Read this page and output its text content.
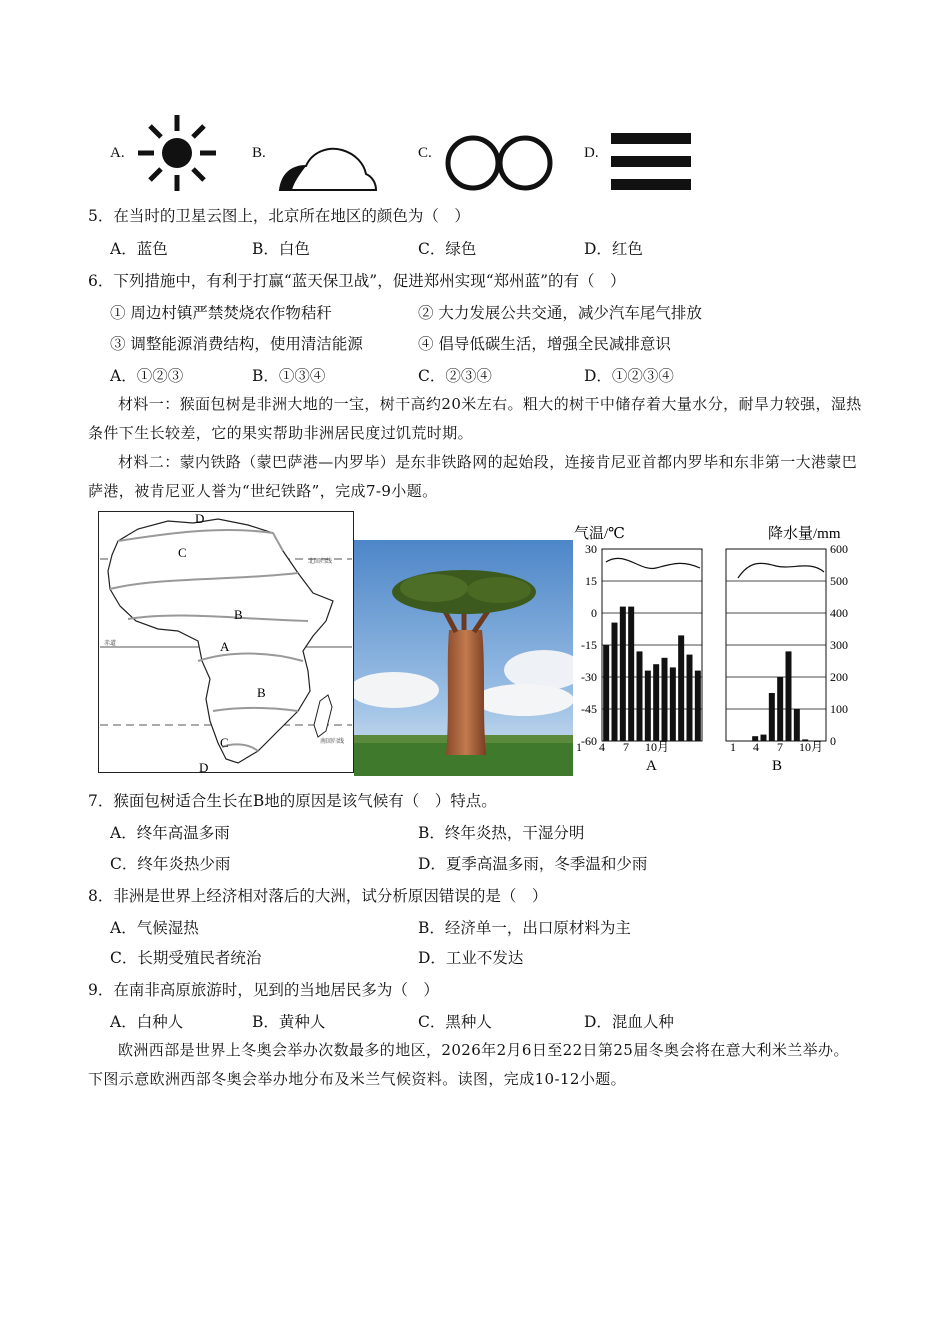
A.	B.	C.	D.
5．在当时的卫星云图上，北京所在地区的颜色为（　）
A．蓝色	B．白色	C．绿色	D．红色
6．下列措施中，有利于打赢“蓝天保卫战”，促进郑州实现“郑州蓝”的有（　）
① 周边村镇严禁焚烧农作物秸秆	② 大力发展公共交通，减少汽车尾气排放
③ 调整能源消费结构，使用清洁能源	④ 倡导低碳生活，增强全民减排意识
A．①②③	B．①③④	C．②③④	D．①②③④
材料一：猴面包树是非洲大地的一宝，树干高约20米左右。粗大的树干中储存着大量水分，耐旱力较强，湿热条件下生长较差，它的果实帮助非洲居民度过饥荒时期。
材料二：蒙内铁路（蒙巴萨港—内罗毕）是东非铁路网的起始段，连接肯尼亚首都内罗毕和东非第一大港蒙巴萨港，被肯尼亚人誉为“世纪铁路”，完成7-9小题。
D
C
B
A
B
C
D
北回归线
赤道
南回归线
气温/℃
30
15
0
-15
-30
-45
-60
1 4 7 10月
A
降水量/mm
600
500
400
300
200
100
0
1 4 7 10月
B
7．猴面包树适合生长在B地的原因是该气候有（　）特点。
A．终年高温多雨	B．终年炎热，干湿分明
C．终年炎热少雨	D．夏季高温多雨，冬季温和少雨
8．非洲是世界上经济相对落后的大洲，试分析原因错误的是（　）
A．气候湿热	B．经济单一，出口原材料为主
C．长期受殖民者统治	D．工业不发达
9．在南非高原旅游时，见到的当地居民多为（　）
A．白种人	B．黄种人	C．黑种人	D．混血人种
欧洲西部是世界上冬奥会举办次数最多的地区，2026年2月6日至22日第25届冬奥会将在意大利米兰举办。下图示意欧洲西部冬奥会举办地分布及米兰气候资料。读图，完成10-12小题。
